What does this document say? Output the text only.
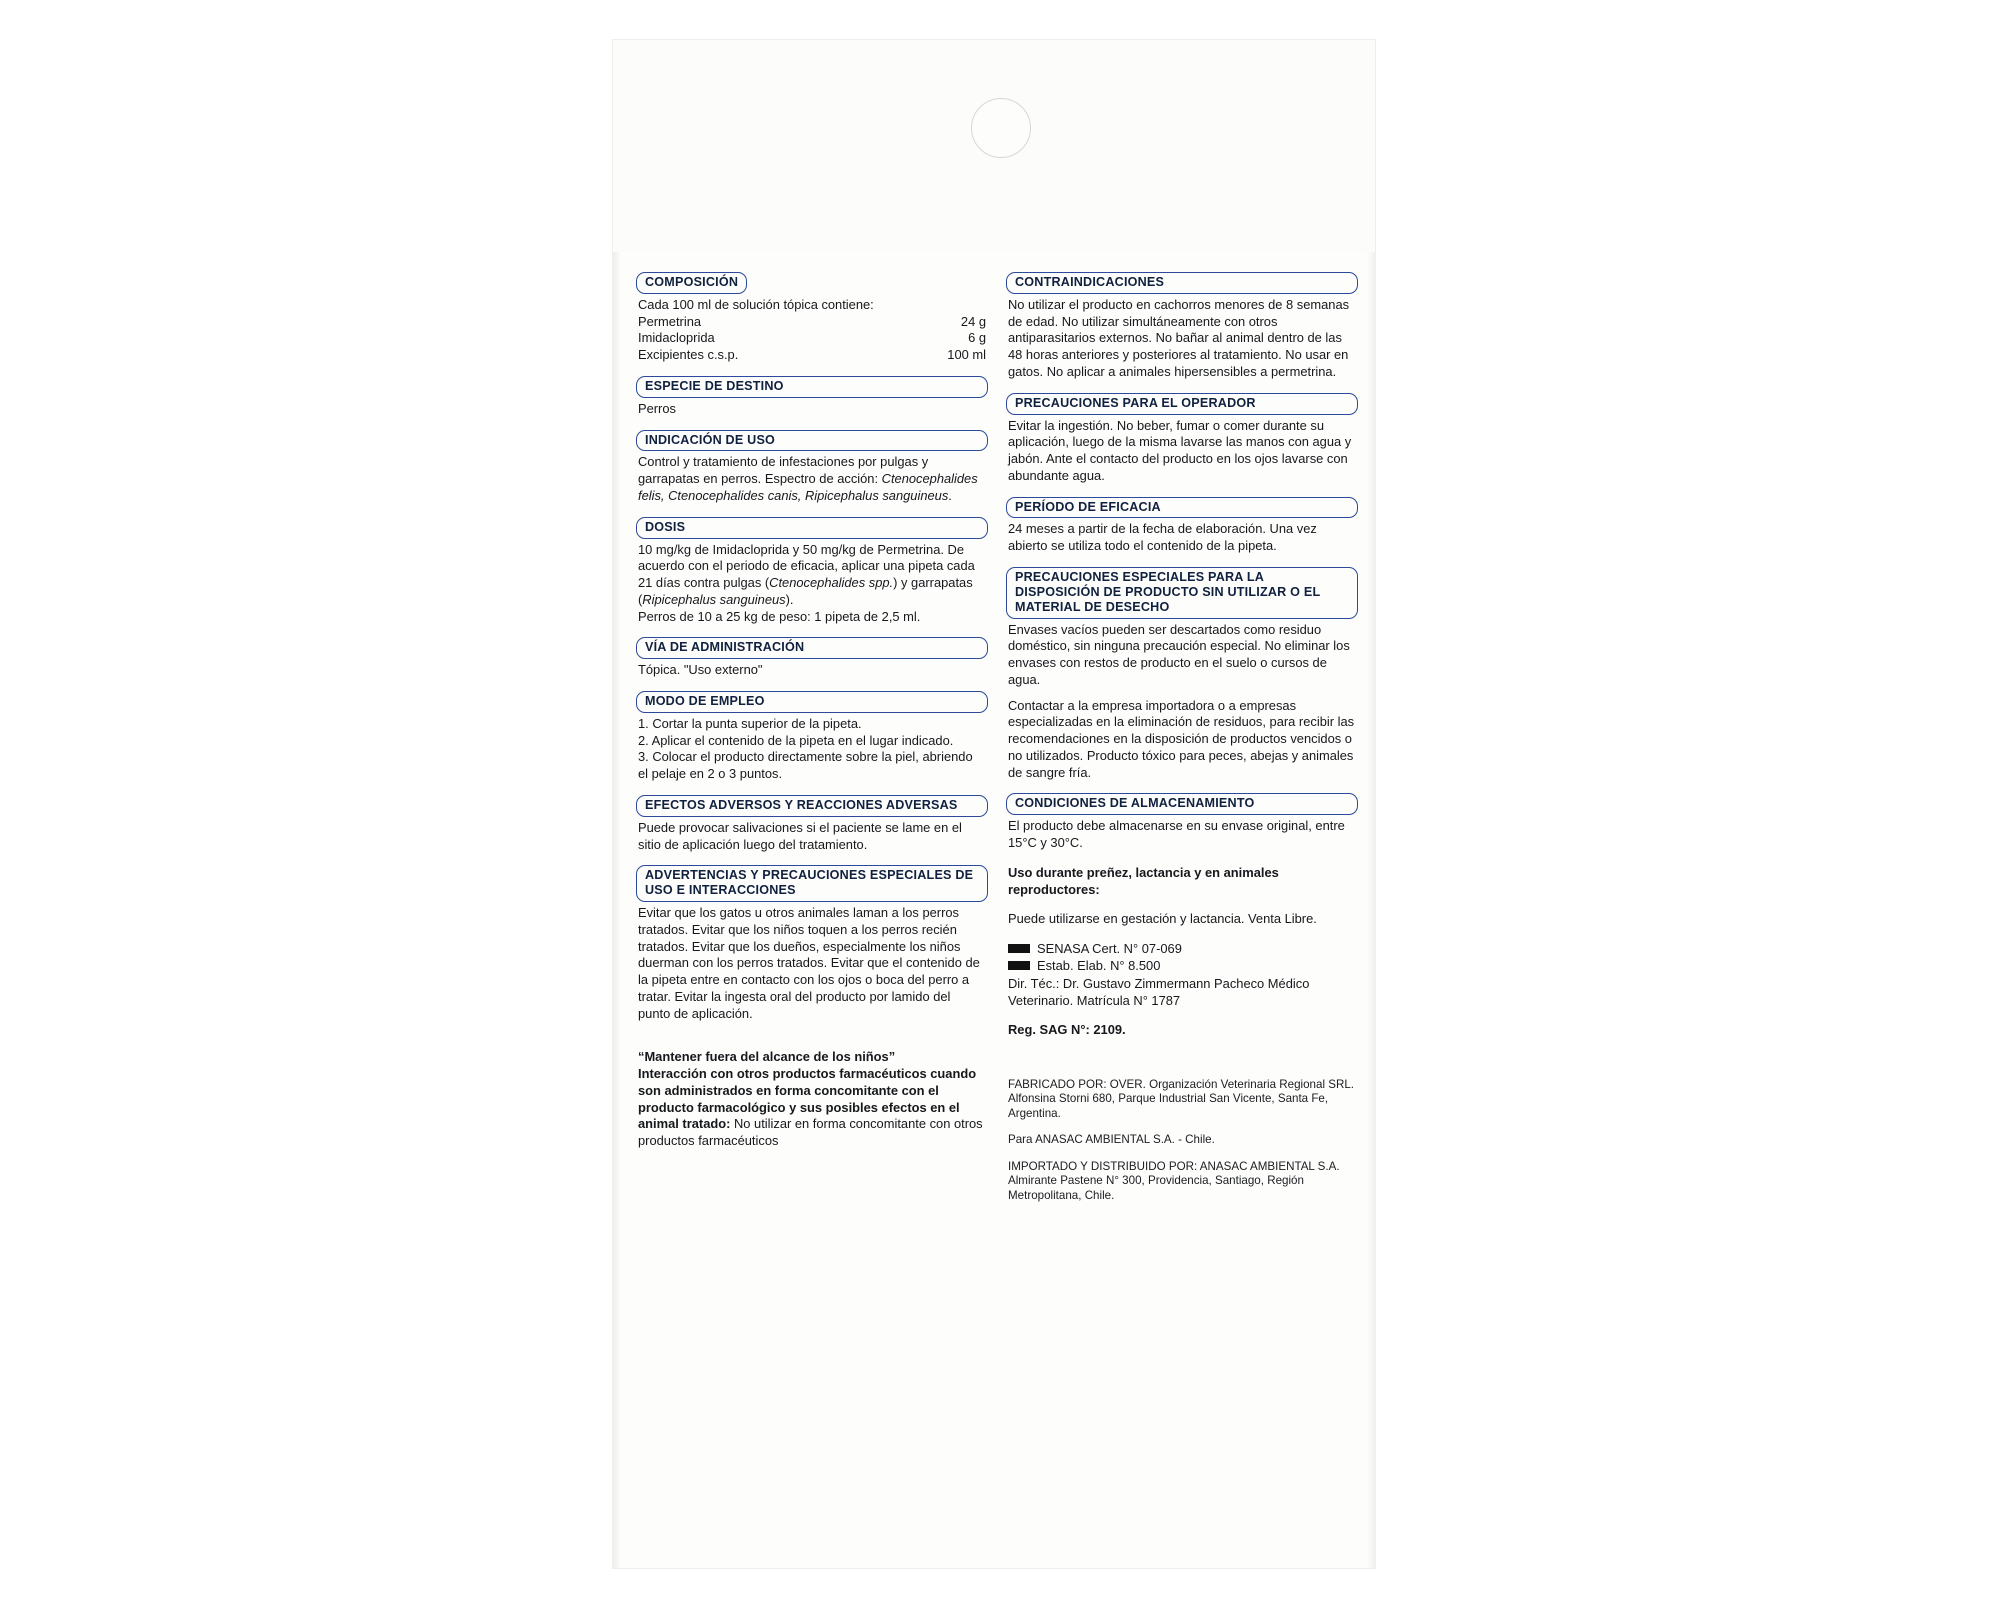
COMPOSICIÓN

Cada 100 ml de solución tópica contiene:

Permetrina	24 g
Imidacloprida	6 g
Excipientes c.s.p.	100 ml
ESPECIE DE DESTINO

Perros

INDICACIÓN DE USO

Control y tratamiento de infestaciones por pulgas y garrapatas en perros. Espectro de acción: Ctenocephalides felis, Ctenocephalides canis, Ripicephalus sanguineus.

DOSIS

10 mg/kg de Imidacloprida y 50 mg/kg de Permetrina. De acuerdo con el periodo de eficacia, aplicar una pipeta cada 21 días contra pulgas (Ctenocephalides spp.) y garrapatas (Ripicephalus sanguineus).

Perros de 10 a 25 kg de peso: 1 pipeta de 2,5 ml.

VÍA DE ADMINISTRACIÓN

Tópica. "Uso externo"

MODO DE EMPLEO

1. Cortar la punta superior de la pipeta.

2. Aplicar el contenido de la pipeta en el lugar indicado.

3. Colocar el producto directamente sobre la piel, abriendo el pelaje en 2 o 3 puntos.

EFECTOS ADVERSOS Y REACCIONES ADVERSAS

Puede provocar salivaciones si el paciente se lame en el sitio de aplicación luego del tratamiento.

ADVERTENCIAS Y PRECAUCIONES ESPECIALES DE USO E INTERACCIONES

Evitar que los gatos u otros animales laman a los perros tratados. Evitar que los niños toquen a los perros recién tratados. Evitar que los dueños, especialmente los niños duerman con los perros tratados. Evitar que el contenido de la pipeta entre en contacto con los ojos o boca del perro a tratar. Evitar la ingesta oral del producto por lamido del punto de aplicación.

“Mantener fuera del alcance de los niños”
Interacción con otros productos farmacéuticos cuando son administrados en forma concomitante con el producto farmacológico y sus posibles efectos en el animal tratado: No utilizar en forma concomitante con otros productos farmacéuticos

CONTRAINDICACIONES

No utilizar el producto en cachorros menores de 8 semanas de edad. No utilizar simultáneamente con otros antiparasitarios externos. No bañar al animal dentro de las 48 horas anteriores y posteriores al tratamiento. No usar en gatos. No aplicar a animales hipersensibles a permetrina.

PRECAUCIONES PARA EL OPERADOR

Evitar la ingestión. No beber, fumar o comer durante su aplicación, luego de la misma lavarse las manos con agua y jabón. Ante el contacto del producto en los ojos lavarse con abundante agua.

PERÍODO DE EFICACIA

24 meses a partir de la fecha de elaboración. Una vez abierto se utiliza todo el contenido de la pipeta.

PRECAUCIONES ESPECIALES PARA LA DISPOSICIÓN DE PRODUCTO SIN UTILIZAR O EL MATERIAL DE DESECHO

Envases vacíos pueden ser descartados como residuo doméstico, sin ninguna precaución especial. No eliminar los envases con restos de producto en el suelo o cursos de agua.

Contactar a la empresa importadora o a empresas especializadas en la eliminación de residuos, para recibir las recomendaciones en la disposición de productos vencidos o no utilizados. Producto tóxico para peces, abejas y animales de sangre fría.

CONDICIONES DE ALMACENAMIENTO

El producto debe almacenarse en su envase original, entre 15°C y 30°C.

Uso durante preñez, lactancia y en animales reproductores:

Puede utilizarse en gestación y lactancia. Venta Libre.

SENASA Cert. N° 07-069
Estab. Elab. N° 8.500

Dir. Téc.: Dr. Gustavo Zimmermann Pacheco Médico Veterinario. Matrícula N° 1787

Reg. SAG N°: 2109.

FABRICADO POR: OVER. Organización Veterinaria Regional SRL. Alfonsina Storni 680, Parque Industrial San Vicente, Santa Fe, Argentina.

Para ANASAC AMBIENTAL S.A. - Chile.

IMPORTADO Y DISTRIBUIDO POR: ANASAC AMBIENTAL S.A. Almirante Pastene N° 300, Providencia, Santiago, Región Metropolitana, Chile.
